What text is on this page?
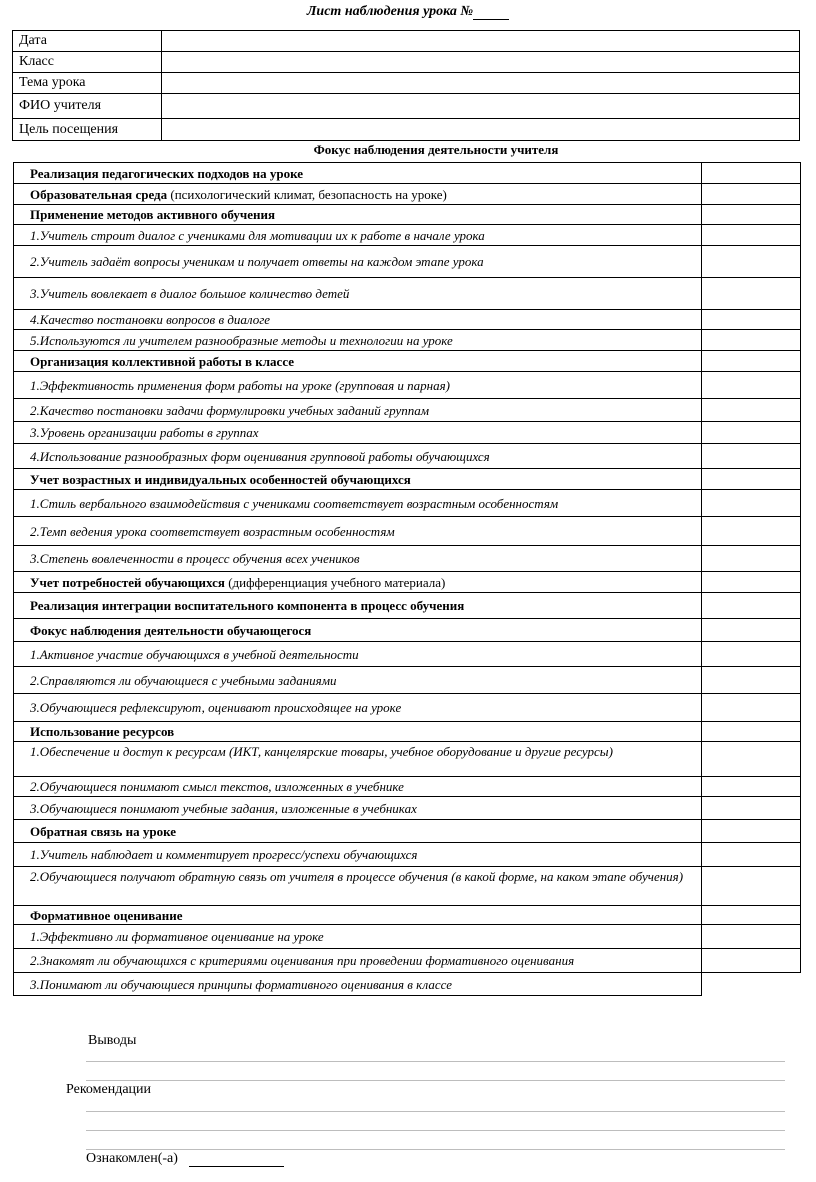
Лист наблюдения урока №
Дата	
Класс	
Тема урока	
ФИО учителя	
Цель посещения	
Фокус наблюдения деятельности учителя
Реализация педагогических подходов на уроке	
Образовательная среда (психологический климат, безопасность на уроке)	
Применение методов активного обучения	
1.Учитель строит диалог с учениками для мотивации их к работе в начале урока	
2.Учитель задаёт вопросы ученикам и получает ответы на каждом этапе урока	
3.Учитель вовлекает в диалог большое количество детей	
4.Качество постановки вопросов в диалоге	
5.Используются ли учителем разнообразные методы и технологии на уроке	
Организация коллективной работы в классе	
1.Эффективность применения форм работы на уроке (групповая и парная)	
2.Качество постановки задачи формулировки учебных заданий группам	
3.Уровень организации работы в группах	
4.Использование разнообразных форм оценивания групповой работы обучающихся	
Учет возрастных и индивидуальных особенностей обучающихся	
1.Стиль вербального взаимодействия с учениками соответствует возрастным особенностям	
2.Темп ведения урока соответствует возрастным особенностям	
3.Степень вовлеченности в процесс обучения всех учеников	
Учет потребностей обучающихся (дифференциация учебного материала)	
Реализация интеграции воспитательного компонента в процесс обучения	
Фокус наблюдения деятельности обучающегося	
1.Активное участие обучающихся в учебной деятельности	
2.Справляются ли обучающиеся с учебными заданиями	
3.Обучающиеся рефлексируют, оценивают происходящее на уроке	
Использование ресурсов	
1.Обеспечение и доступ к ресурсам (ИКТ, канцелярские товары, учебное оборудование и другие ресурсы)	
2.Обучающиеся понимают смысл текстов, изложенных в учебнике	
3.Обучающиеся понимают учебные задания, изложенные в учебниках	
Обратная связь на уроке	
1.Учитель наблюдает и комментирует прогресс/успехи обучающихся	
2.Обучающиеся получают обратную связь от учителя в процессе обучения (в какой форме, на каком этапе обучения)	
Формативное оценивание	
1.Эффективно ли формативное оценивание на уроке	
2.Знакомят ли обучающихся с критериями оценивания при проведении формативного оценивания	
3.Понимают ли обучающиеся принципы формативного оценивания в классе	
Выводы
Рекомендации
Ознакомлен(-а)
